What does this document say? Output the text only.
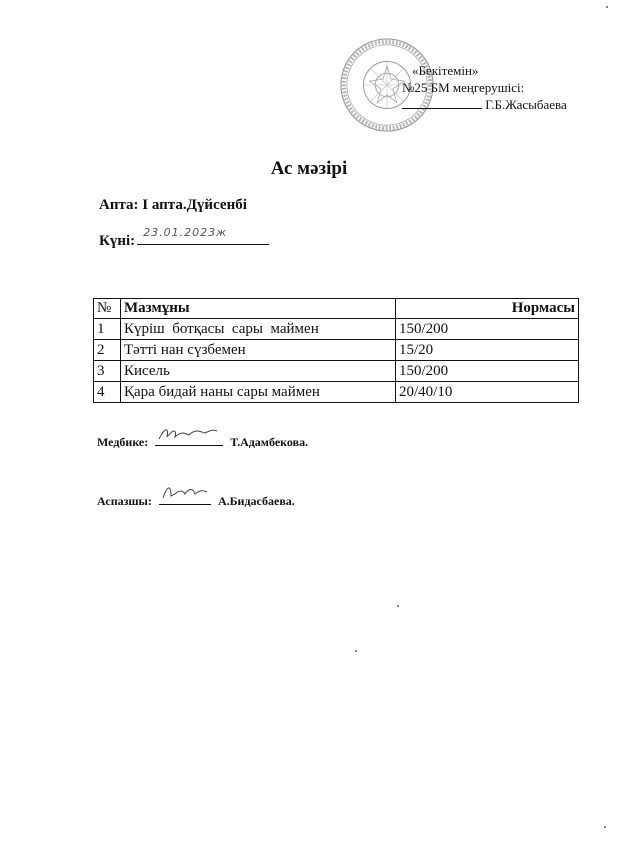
«Бекітемін»
№25 БМ меңгерушісі:
Г.Б.Жасыбаева
Ас мәзірі
Апта: I апта.Дүйсенбі
Күні:
23.01.2023ж
№	Мазмұны	Нормасы
1	Күріш  ботқасы  сары  маймен	150/200
2	Тәтті нан сүзбемен	15/20
3	Кисель	150/200
4	Қара бидай наны сары маймен	20/40/10
Медбике:	Т.Адамбекова.
Аспазшы:	А.Бидасбаева.
